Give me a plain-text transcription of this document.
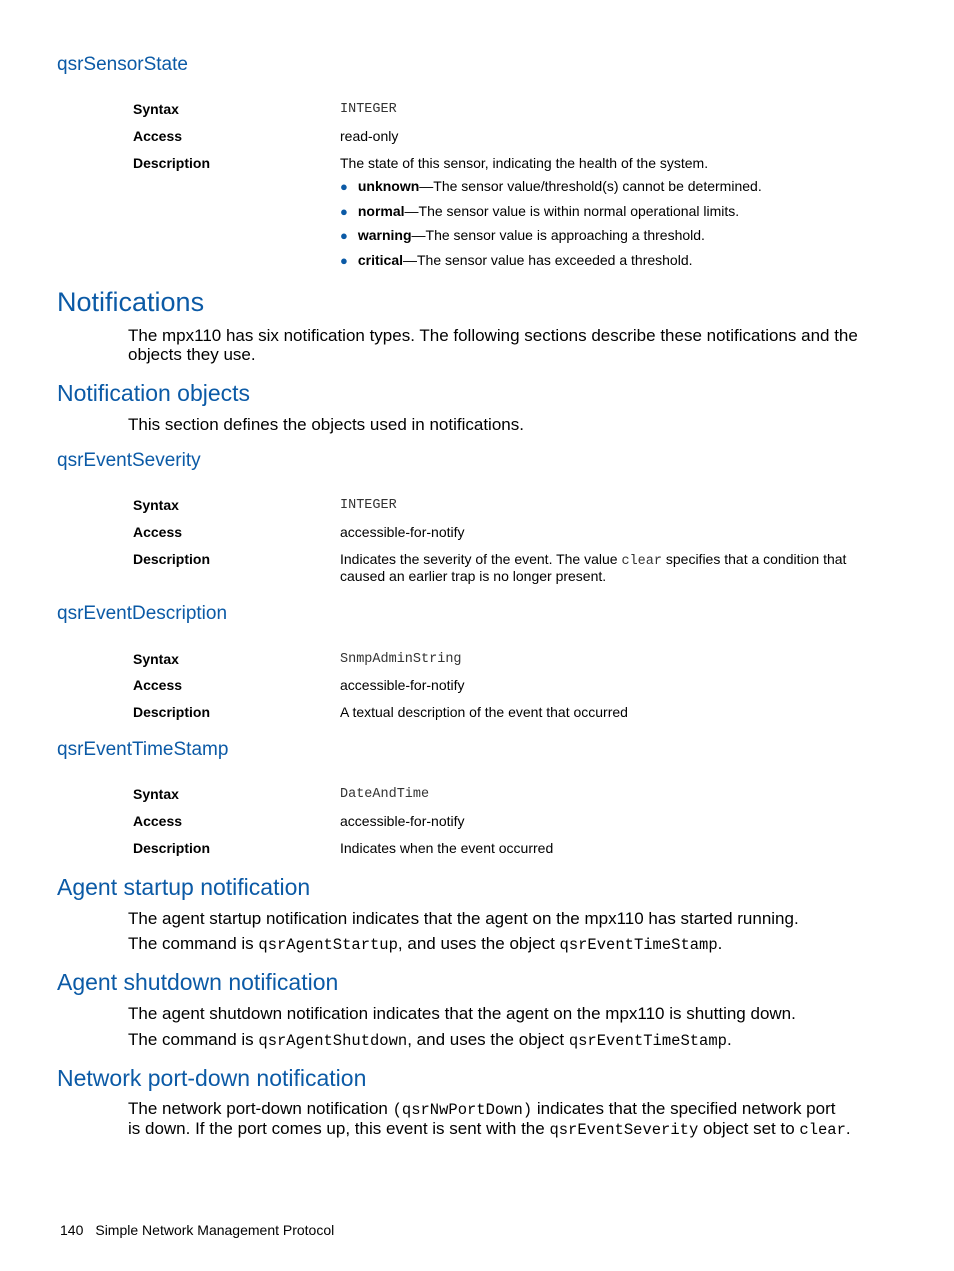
qsrSensorState
Syntax	INTEGER
Access	read-only
Description	The state of this sensor, indicating the health of the system.
● unknown—The sensor value/threshold(s) cannot be determined.
● normal—The sensor value is within normal operational limits.
● warning—The sensor value is approaching a threshold.
● critical—The sensor value has exceeded a threshold.
Notifications
The mpx110 has six notification types. The following sections describe these notifications and the
objects they use.
Notification objects
This section defines the objects used in notifications.
qsrEventSeverity
Syntax	INTEGER
Access	accessible-for-notify
Description	Indicates the severity of the event. The value clear specifies that a condition that
caused an earlier trap is no longer present.
qsrEventDescription
Syntax	SnmpAdminString
Access	accessible-for-notify
Description	A textual description of the event that occurred
qsrEventTimeStamp
Syntax	DateAndTime
Access	accessible-for-notify
Description	Indicates when the event occurred
Agent startup notification
The agent startup notification indicates that the agent on the mpx110 has started running.
The command is qsrAgentStartup, and uses the object qsrEventTimeStamp.
Agent shutdown notification
The agent shutdown notification indicates that the agent on the mpx110 is shutting down.
The command is qsrAgentShutdown, and uses the object qsrEventTimeStamp.
Network port-down notification
The network port-down notification (qsrNwPortDown) indicates that the specified network port
is down. If the port comes up, this event is sent with the qsrEventSeverity object set to clear.
140 Simple Network Management Protocol
